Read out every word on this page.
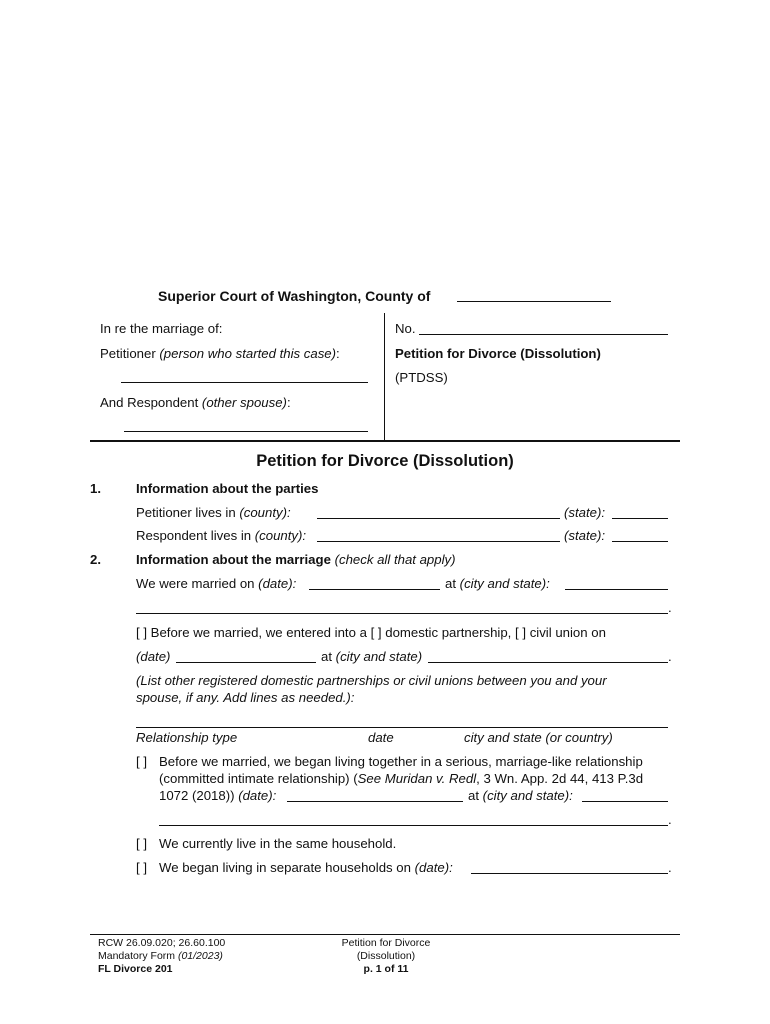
Superior Court of Washington, County of
In re the marriage of:
Petitioner (person who started this case):
And Respondent (other spouse):
No.
Petition for Divorce (Dissolution)
(PTDSS)
Petition for Divorce (Dissolution)
1.	Information about the parties
Petitioner lives in (county):	(state):
Respondent lives in (county):	(state):
2.	Information about the marriage (check all that apply)
We were married on (date):	at (city and state):
.
[ ] Before we married, we entered into a [ ] domestic partnership, [ ] civil union on
(date)	at (city and state)	.
(List other registered domestic partnerships or civil unions between you and your
spouse, if any. Add lines as needed.):
Relationship type	date	city and state (or country)
[ ] Before we married, we began living together in a serious, marriage-like relationship
(committed intimate relationship) (See Muridan v. Redl, 3 Wn. App. 2d 44, 413 P.3d
1072 (2018)) (date):	at (city and state):
.
[ ] We currently live in the same household.
[ ] We began living in separate households on (date):	.
RCW 26.09.020; 26.60.100
Mandatory Form (01/2023)
FL Divorce 201
Petition for Divorce
(Dissolution)
p. 1 of 11
